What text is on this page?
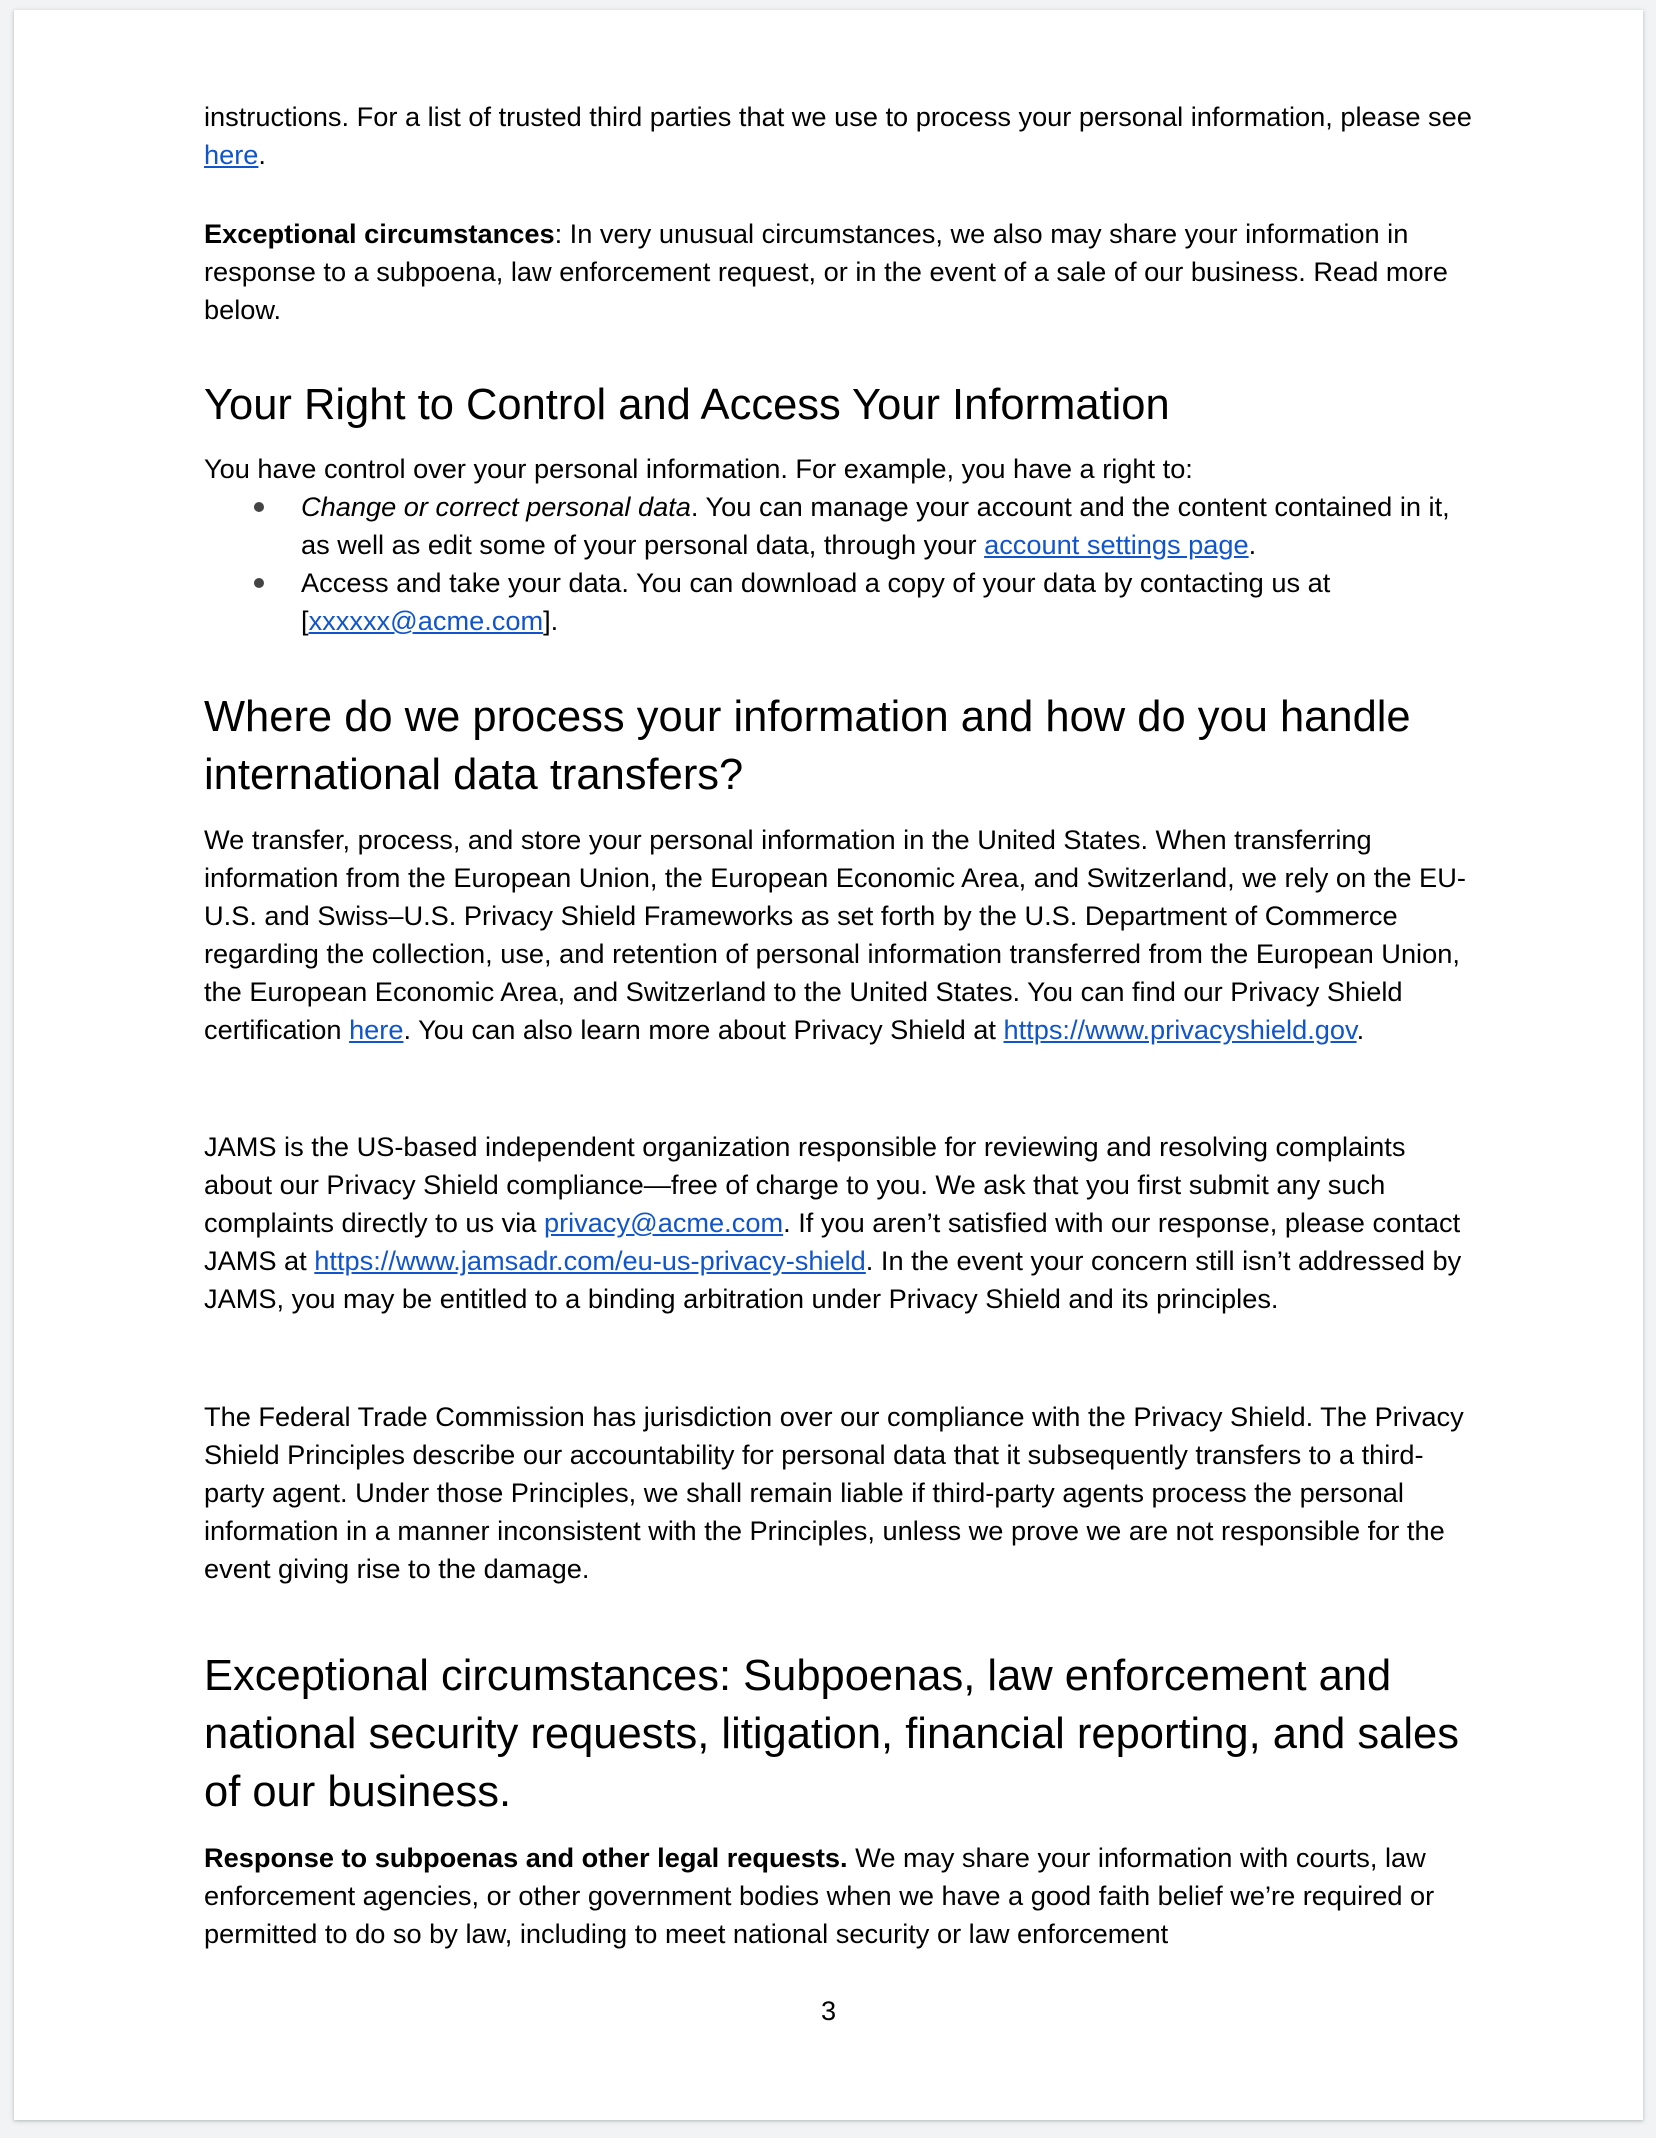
instructions. For a list of trusted third parties that we use to process your personal information, please see here.

Exceptional circumstances: In very unusual circumstances, we also may share your information in response to a subpoena, law enforcement request, or in the event of a sale of our business. Read more below.

Your Right to Control and Access Your Information

You have control over your personal information. For example, you have a right to:

Change or correct personal data. You can manage your account and the content contained in it, as well as edit some of your personal data, through your account settings page.
Access and take your data. You can download a copy of your data by contacting us at [xxxxxx@acme.com].
Where do we process your information and how do you handle international data transfers?

We transfer, process, and store your personal information in the United States. When transferring information from the European Union, the European Economic Area, and Switzerland, we rely on the EU-U.S. and Swiss–U.S. Privacy Shield Frameworks as set forth by the U.S. Department of Commerce regarding the collection, use, and retention of personal information transferred from the European Union, the European Economic Area, and Switzerland to the United States. You can find our Privacy Shield certification here. You can also learn more about Privacy Shield at https://www.privacyshield.gov.

JAMS is the US-based independent organization responsible for reviewing and resolving complaints about our Privacy Shield compliance—free of charge to you. We ask that you first submit any such complaints directly to us via privacy@acme.com. If you aren’t satisfied with our response, please contact JAMS at https://www.jamsadr.com/eu-us-privacy-shield. In the event your concern still isn’t addressed by JAMS, you may be entitled to a binding arbitration under Privacy Shield and its principles.

The Federal Trade Commission has jurisdiction over our compliance with the Privacy Shield. The Privacy Shield Principles describe our accountability for personal data that it subsequently transfers to a third-party agent. Under those Principles, we shall remain liable if third-party agents process the personal information in a manner inconsistent with the Principles, unless we prove we are not responsible for the event giving rise to the damage.

Exceptional circumstances: Subpoenas, law enforcement and national security requests, litigation, financial reporting, and sales of our business.

Response to subpoenas and other legal requests. We may share your information with courts, law enforcement agencies, or other government bodies when we have a good faith belief we’re required or permitted to do so by law, including to meet national security or law enforcement

3
